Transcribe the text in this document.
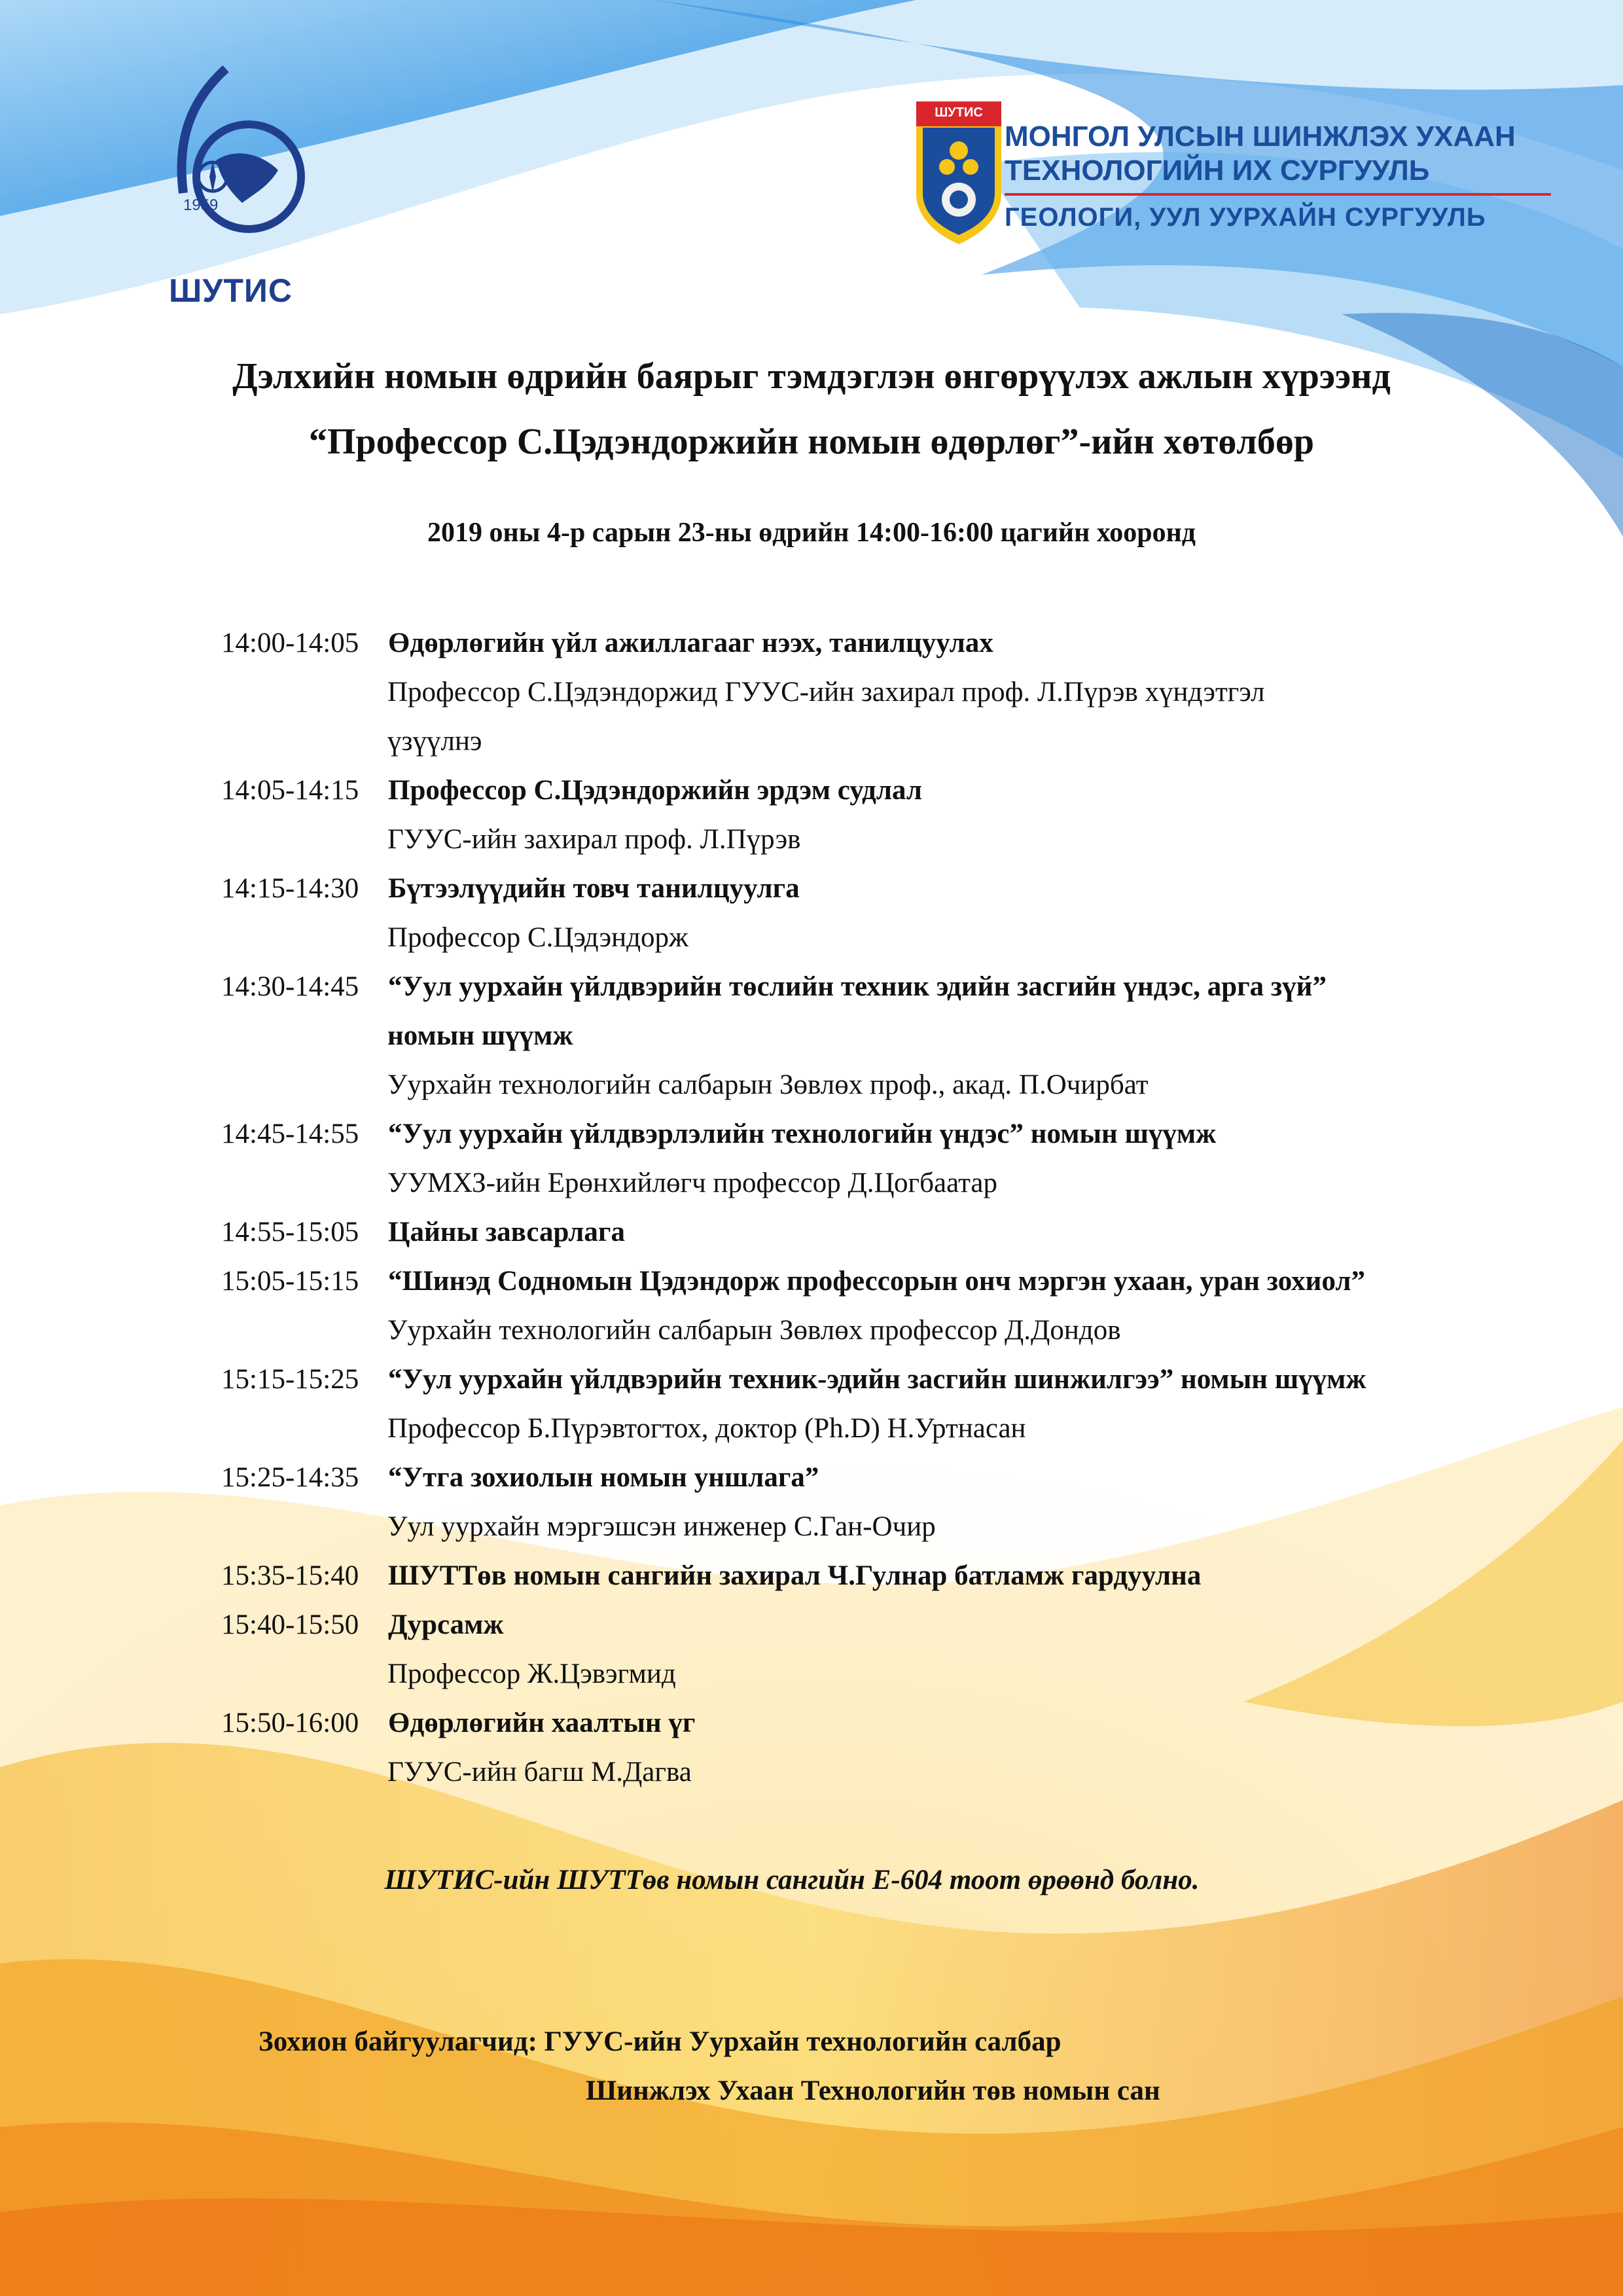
1959
ШУТИС
ШУТИС
МОНГОЛ УЛСЫН ШИНЖЛЭХ УХААН
ТЕХНОЛОГИЙН ИХ СУРГУУЛЬ
ГЕОЛОГИ, УУЛ УУРХАЙН СУРГУУЛЬ
Дэлхийн номын өдрийн баярыг тэмдэглэн өнгөрүүлэх ажлын хүрээнд
“Профессор С.Цэдэндоржийн номын өдөрлөг”-ийн хөтөлбөр
2019 оны 4-р сарын 23-ны өдрийн 14:00-16:00 цагийн хооронд
14:00-14:05	Өдөрлөгийн үйл ажиллагааг нээх, танилцуулах
Профессор С.Цэдэндоржид ГУУС-ийн захирал проф. Л.Пүрэв хүндэтгэл
үзүүлнэ
14:05-14:15	Профессор С.Цэдэндоржийн эрдэм судлал
ГУУС-ийн захирал проф. Л.Пүрэв
14:15-14:30	Бүтээлүүдийн товч танилцуулга
Профессор С.Цэдэндорж
14:30-14:45	“Уул уурхайн үйлдвэрийн төслийн техник эдийн засгийн үндэс, арга зүй”
номын шүүмж
Уурхайн технологийн салбарын Зөвлөх проф., акад. П.Очирбат
14:45-14:55	“Уул уурхайн үйлдвэрлэлийн технологийн үндэс” номын шүүмж
УУМХЗ-ийн Ерөнхийлөгч профессор Д.Цогбаатар
14:55-15:05	Цайны завсарлага
15:05-15:15	“Шинэд Содномын Цэдэндорж профессорын онч мэргэн ухаан, уран зохиол”
Уурхайн технологийн салбарын Зөвлөх профессор Д.Дондов
15:15-15:25	“Уул уурхайн үйлдвэрийн техник-эдийн засгийн шинжилгээ” номын шүүмж
Профессор Б.Пүрэвтогтох, доктор (Ph.D) Н.Уртнасан
15:25-14:35	“Утга зохиолын номын уншлага”
Уул уурхайн мэргэшсэн инженер С.Ган-Очир
15:35-15:40	ШУТТөв номын сангийн захирал Ч.Гулнар батламж гардуулна
15:40-15:50	Дурсамж
Профессор Ж.Цэвэгмид
15:50-16:00	Өдөрлөгийн хаалтын үг
ГУУС-ийн багш М.Дагва
ШУТИС-ийн ШУТТөв номын сангийн Е-604 тоот өрөөнд болно.
Зохион байгуулагчид: ГУУС-ийн Уурхайн технологийн салбар
Шинжлэх Ухаан Технологийн төв номын сан
